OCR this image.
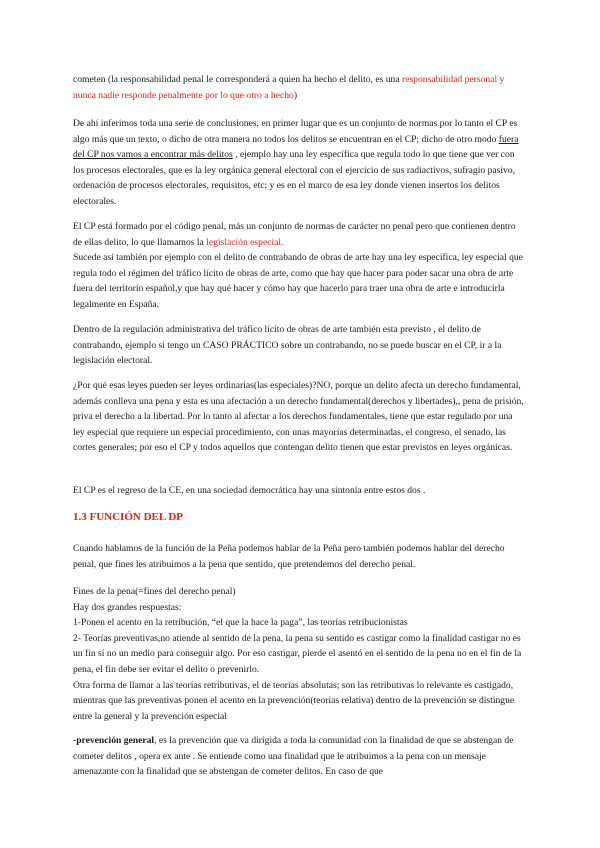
cometen (la responsabilidad penal le corresponderá a quien ha hecho el delito, es una responsabilidad personal y nunca nadie responde penalmente por lo que otro a hecho)

De ahí inferimos toda una serie de conclusiones, en primer lugar que es un conjunto de normas por lo tanto el CP es algo más que un texto, o dicho de otra manera no todos los delitos se encuentran en el CP; dicho de otro modo fuera del CP nos vamos a encontrar más delitos , ejemplo hay una ley específica que regula todo lo que tiene que ver con los procesos electorales, que es la ley orgánica general electoral con el ejercicio de sus radiactivos, sufragio pasivo, ordenación de procesos electorales, requisitos, etc; y es en el marco de esa ley donde vienen insertos los delitos electorales.

El CP está formado por el código penal, más un conjunto de normas de carácter no penal pero que contienen dentro de ellas delito, lo que llamamos la legislación especial.
Sucede así también por ejemplo con el delito de contrabando de obras de arte hay una ley específica, ley especial que regula todo el régimen del tráfico lícito de obras de arte, como que hay que hacer para poder sacar una obra de arte fuera del territorio español,y que hay qué hacer y cómo hay que hacerlo para traer una obra de arte e introducirla legalmente en España.

Dentro de la regulación administrativa del tráfico lícito de obras de arte también esta previsto , el delito de contrabando, ejemplo si tengo un CASO PRÁCTICO sobre un contrabando, no se puede buscar en el CP, ir a la legislación electoral.

¿Por qué esas leyes pueden ser leyes ordinarias(las especiales)?NO, porque un delito afecta un derecho fundamental, además conlleva una pena y esta es una afectación a un derecho fundamental(derechos y libertades),, pena de prisión, priva el derecho a la libertad. Por lo tanto al afectar a los derechos fundamentales, tiene que estar regulado por una ley especial que requiere un especial procedimiento, con unas mayorías determinadas, el congreso, el senado, las cortes generales; por eso el CP y todos aquellos que contengan delito tienen que estar previstos en leyes orgánicas.

El CP es el regreso de la CE, en una sociedad democrática hay una sintonía entre estos dos .

1.3 FUNCIÓN DEL DP

Cuando hablamos de la función de la Peña podemos hablar de la Peña pero también podemos hablar del derecho penal, que fines les atribuimos a la pena que sentido, que pretendemos del derecho penal.

Fines de la pena(=fines del derecho penal)
Hay dos grandes respuestas:
1-Ponen el acento en la retribución, “el que la hace la paga”, las teorías retribucionistas
2- Teorías preventivas,no atiende al sentido de la pena, la pena su sentido es castigar como la finalidad castigar no es un fin sí no un medio para conseguir algo. Por eso castigar, pierde el asentó en el sentido de la pena no en el fin de la pena, el fin debe ser evitar el delito o prevenirlo.
Otra forma de llamar a las teorías retributivas, el de teorías absolutas; son las retributivas lo relevante es castigado, mientras que las preventivas ponen el acento en la prevención(teorías relativa) dentro de la prevención se distingue entre la general y la prevención especial

-prevención general, es la prevención que va dirigida a toda la comunidad con la finalidad de que se abstengan de cometer delitos , opera ex ante . Se entiende como una finalidad que le atribuimos a la pena con un mensaje amenazante con la finalidad que se abstengan de cometer delitos. En caso de que
